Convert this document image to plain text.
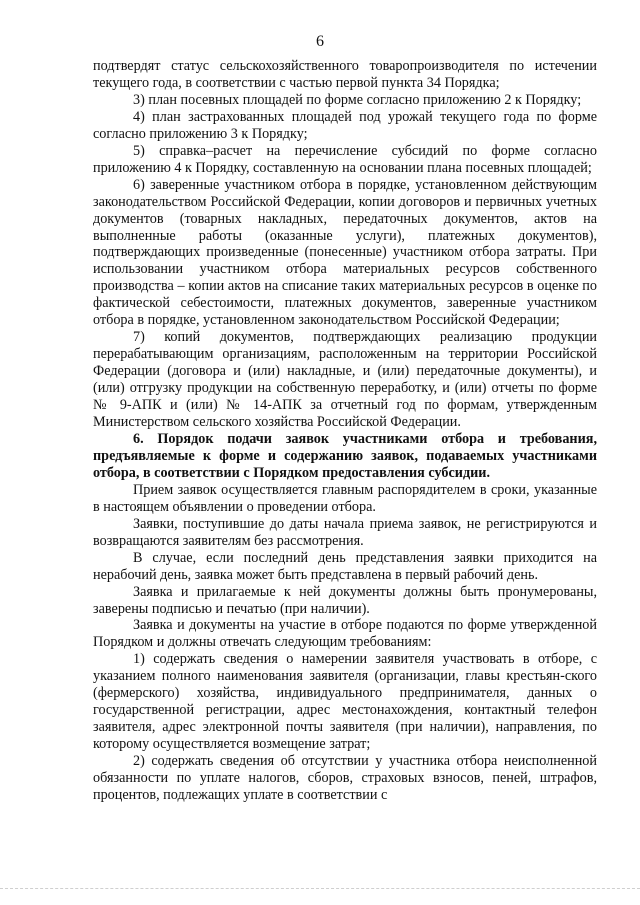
6

подтвердят статус сельскохозяйственного товаропроизводителя по истечении текущего года, в соответствии с частью первой пункта 34 Порядка;

3) план посевных площадей по форме согласно приложению 2 к Порядку;

4) план застрахованных площадей под урожай текущего года по форме согласно приложению 3 к Порядку;

5) справка–расчет на перечисление субсидий по форме согласно приложению 4 к Порядку, составленную на основании плана посевных площадей;

6) заверенные участником отбора в порядке, установленном действующим законодательством Российской Федерации, копии договоров и первичных учетных документов (товарных накладных, передаточных документов, актов на выполненные работы (оказанные услуги), платежных документов), подтверждающих произведенные (понесенные) участником отбора затраты. При использовании участником отбора материальных ресурсов собственного производства – копии актов на списание таких материальных ресурсов в оценке по фактической себестоимости, платежных документов, заверенные участником отбора в порядке, установленном законодательством Российской Федерации;

7) копий документов, подтверждающих реализацию продукции перерабатывающим организациям, расположенным на территории Российской Федерации (договора и (или) накладные, и (или) передаточные документы), и (или) отгрузку продукции на собственную переработку, и (или) отчеты по форме № 9-АПК и (или) № 14-АПК за отчетный год по формам, утвержденным Министерством сельского хозяйства Российской Федерации.

6. Порядок подачи заявок участниками отбора и требования, предъявляемые к форме и содержанию заявок, подаваемых участниками отбора, в соответствии с Порядком предоставления субсидии.

Прием заявок осуществляется главным распорядителем в сроки, указанные в настоящем объявлении о проведении отбора.

Заявки, поступившие до даты начала приема заявок, не регистрируются и возвращаются заявителям без рассмотрения.

В случае, если последний день представления заявки приходится на нерабочий день, заявка может быть представлена в первый рабочий день.

Заявка и прилагаемые к ней документы должны быть пронумерованы, заверены подписью и печатью (при наличии).

Заявка и документы на участие в отборе подаются по форме утвержденной Порядком и должны отвечать следующим требованиям:

1) содержать сведения о намерении заявителя участвовать в отборе, с указанием полного наименования заявителя (организации, главы крестьян-ского (фермерского) хозяйства, индивидуального предпринимателя, данных о государственной регистрации, адрес местонахождения, контактный телефон заявителя, адрес электронной почты заявителя (при наличии), направления, по которому осуществляется возмещение затрат;

2) содержать сведения об отсутствии у участника отбора неисполненной обязанности по уплате налогов, сборов, страховых взносов, пеней, штрафов, процентов, подлежащих уплате в соответствии с
